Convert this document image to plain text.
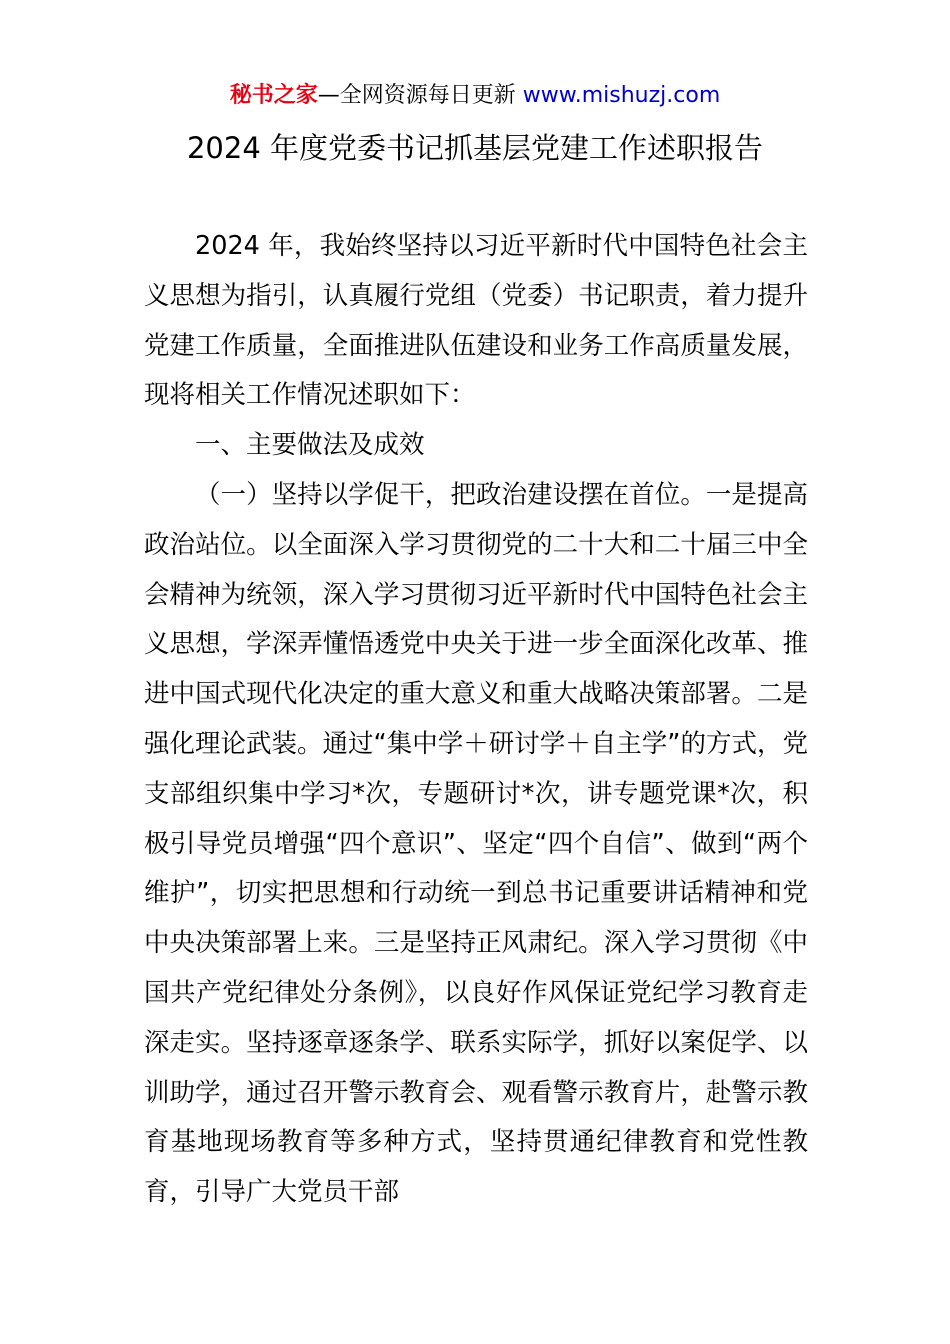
秘书之家—全网资源每日更新 www.mishuzj.com
2024 年度党委书记抓基层党建工作述职报告

2024 年，我始终坚持以习近平新时代中国特色社会主义思想为指引，认真履行党组（党委）书记职责，着力提升党建工作质量，全面推进队伍建设和业务工作高质量发展，现将相关工作情况述职如下：

一、主要做法及成效

（一）坚持以学促干，把政治建设摆在首位。一是提高政治站位。以全面深入学习贯彻党的二十大和二十届三中全会精神为统领，深入学习贯彻习近平新时代中国特色社会主义思想，学深弄懂悟透党中央关于进一步全面深化改革、推进中国式现代化决定的重大意义和重大战略决策部署。二是强化理论武装。通过“集中学＋研讨学＋自主学”的方式，党支部组织集中学习*次，专题研讨*次，讲专题党课*次，积极引导党员增强“四个意识”、坚定“四个自信”、做到“两个维护”，切实把思想和行动统一到总书记重要讲话精神和党中央决策部署上来。三是坚持正风肃纪。深入学习贯彻《中国共产党纪律处分条例》，以良好作风保证党纪学习教育走深走实。坚持逐章逐条学、联系实际学，抓好以案促学、以训助学，通过召开警示教育会、观看警示教育片，赴警示教育基地现场教育等多种方式，坚持贯通纪律教育和党性教育，引导广大党员干部
